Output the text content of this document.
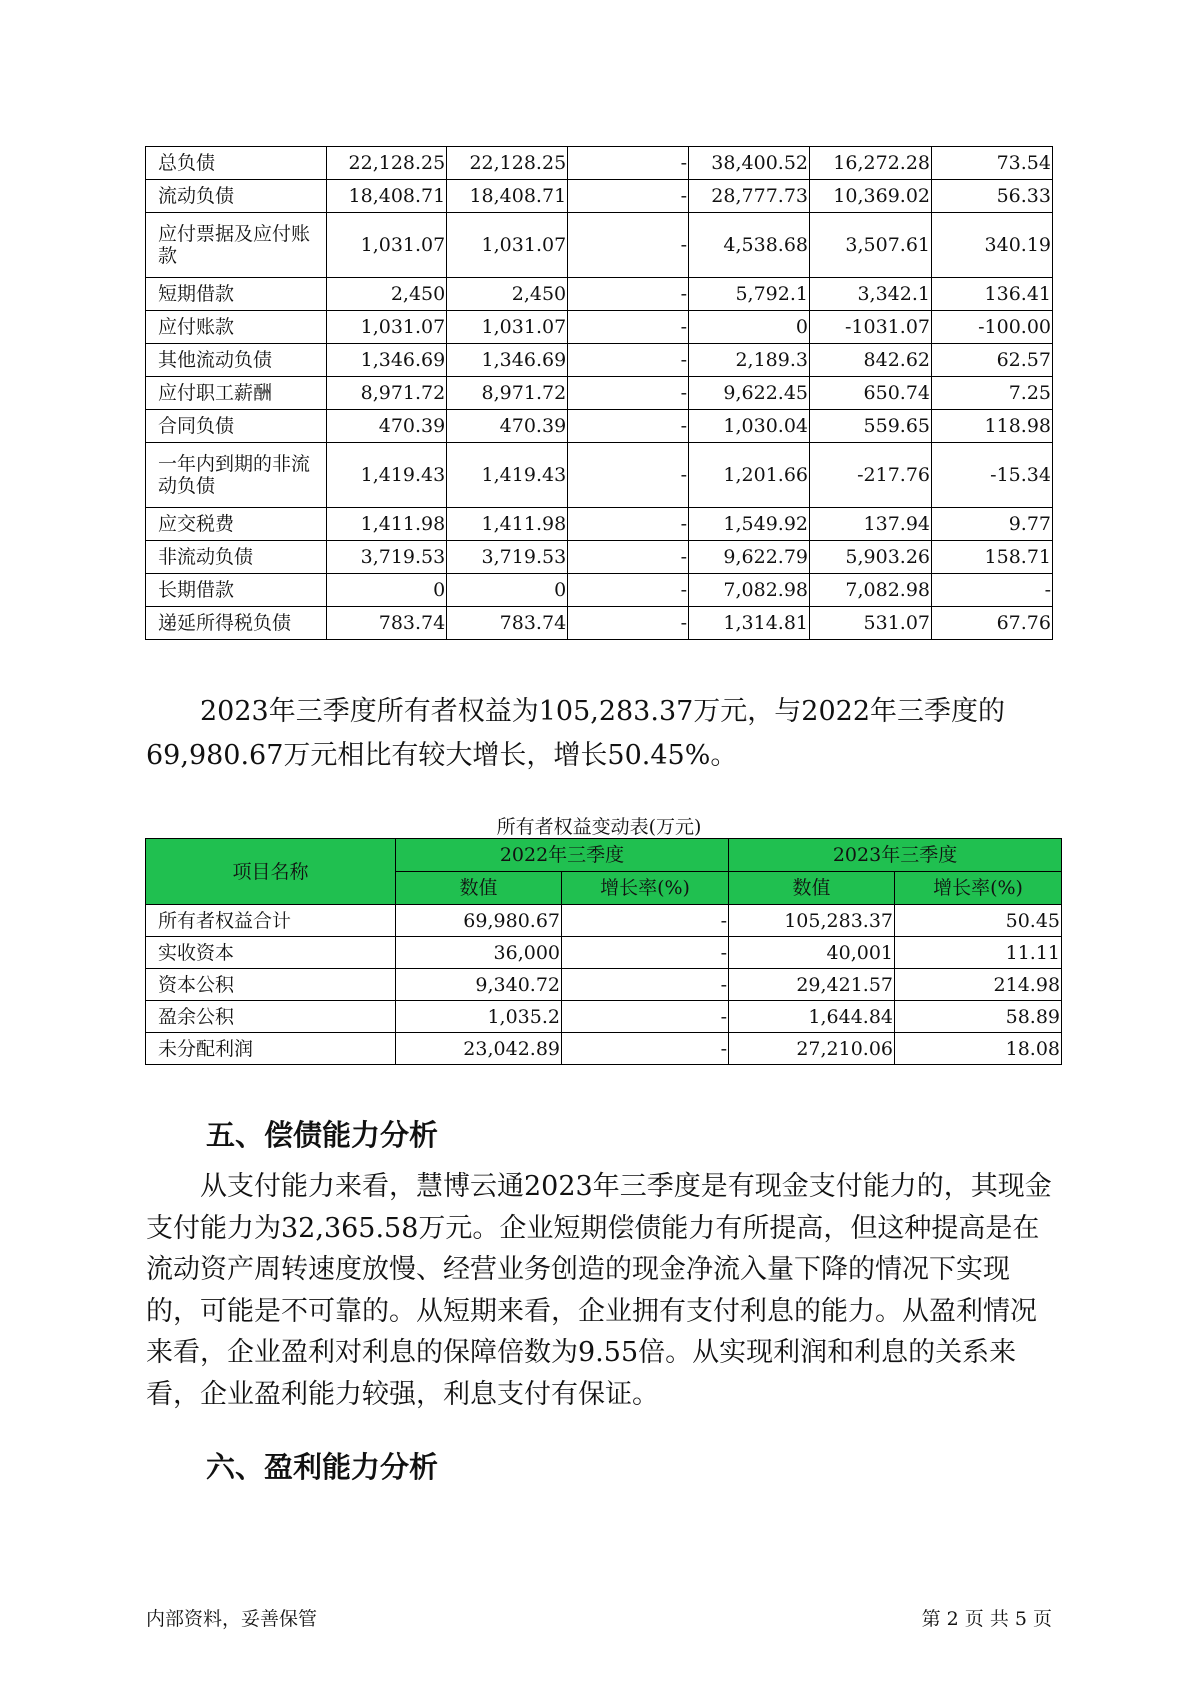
总负债	22,128.25	22,128.25	-	38,400.52	16,272.28	73.54
流动负债	18,408.71	18,408.71	-	28,777.73	10,369.02	56.33
应付票据及应付账款	1,031.07	1,031.07	-	4,538.68	3,507.61	340.19
短期借款	2,450	2,450	-	5,792.1	3,342.1	136.41
应付账款	1,031.07	1,031.07	-	0	-1031.07	-100.00
其他流动负债	1,346.69	1,346.69	-	2,189.3	842.62	62.57
应付职工薪酬	8,971.72	8,971.72	-	9,622.45	650.74	7.25
合同负债	470.39	470.39	-	1,030.04	559.65	118.98
一年内到期的非流动负债	1,419.43	1,419.43	-	1,201.66	-217.76	-15.34
应交税费	1,411.98	1,411.98	-	1,549.92	137.94	9.77
非流动负债	3,719.53	3,719.53	-	9,622.79	5,903.26	158.71
长期借款	0	0	-	7,082.98	7,082.98	-
递延所得税负债	783.74	783.74	-	1,314.81	531.07	67.76

2023年三季度所有者权益为105,283.37万元，与2022年三季度的69,980.67万元相比有较大增长，增长50.45%。

所有者权益变动表(万元)
项目名称	2022年三季度		2023年三季度	
	数值	增长率(%)	数值	增长率(%)
所有者权益合计	69,980.67	-	105,283.37	50.45
实收资本	36,000	-	40,001	11.11
资本公积	9,340.72	-	29,421.57	214.98
盈余公积	1,035.2	-	1,644.84	58.89
未分配利润	23,042.89	-	27,210.06	18.08
五、偿债能力分析

从支付能力来看，慧博云通2023年三季度是有现金支付能力的，其现金支付能力为32,365.58万元。企业短期偿债能力有所提高，但这种提高是在流动资产周转速度放慢、经营业务创造的现金净流入量下降的情况下实现的，可能是不可靠的。从短期来看，企业拥有支付利息的能力。从盈利情况来看，企业盈利对利息的保障倍数为9.55倍。从实现利润和利息的关系来看，企业盈利能力较强，利息支付有保证。

六、盈利能力分析
内部资料，妥善保管	第 2 页 共 5 页
